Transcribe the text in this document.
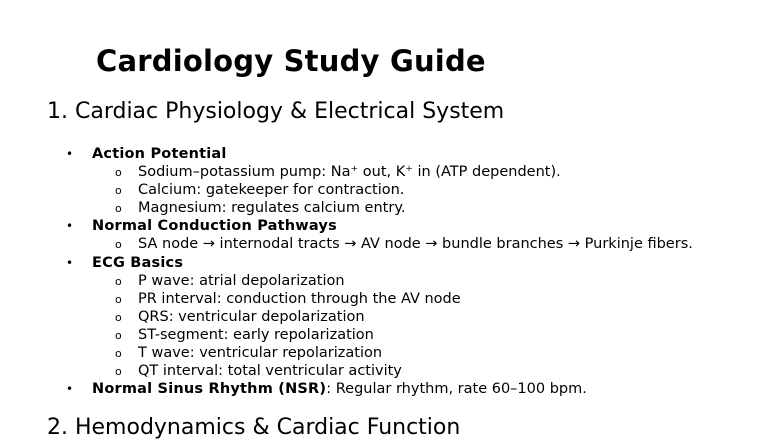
Cardiology Study Guide
1. Cardiac Physiology & Electrical System
• Action Potential
o Sodium–potassium pump: Na⁺ out, K⁺ in (ATP dependent).
o Calcium: gatekeeper for contraction.
o Magnesium: regulates calcium entry.
• Normal Conduction Pathways
o SA node → internodal tracts → AV node → bundle branches → Purkinje fibers.
• ECG Basics
o P wave: atrial depolarization
o PR interval: conduction through the AV node
o QRS: ventricular depolarization
o ST-segment: early repolarization
o T wave: ventricular repolarization
o QT interval: total ventricular activity
• Normal Sinus Rhythm (NSR): Regular rhythm, rate 60–100 bpm.
2. Hemodynamics & Cardiac Function
